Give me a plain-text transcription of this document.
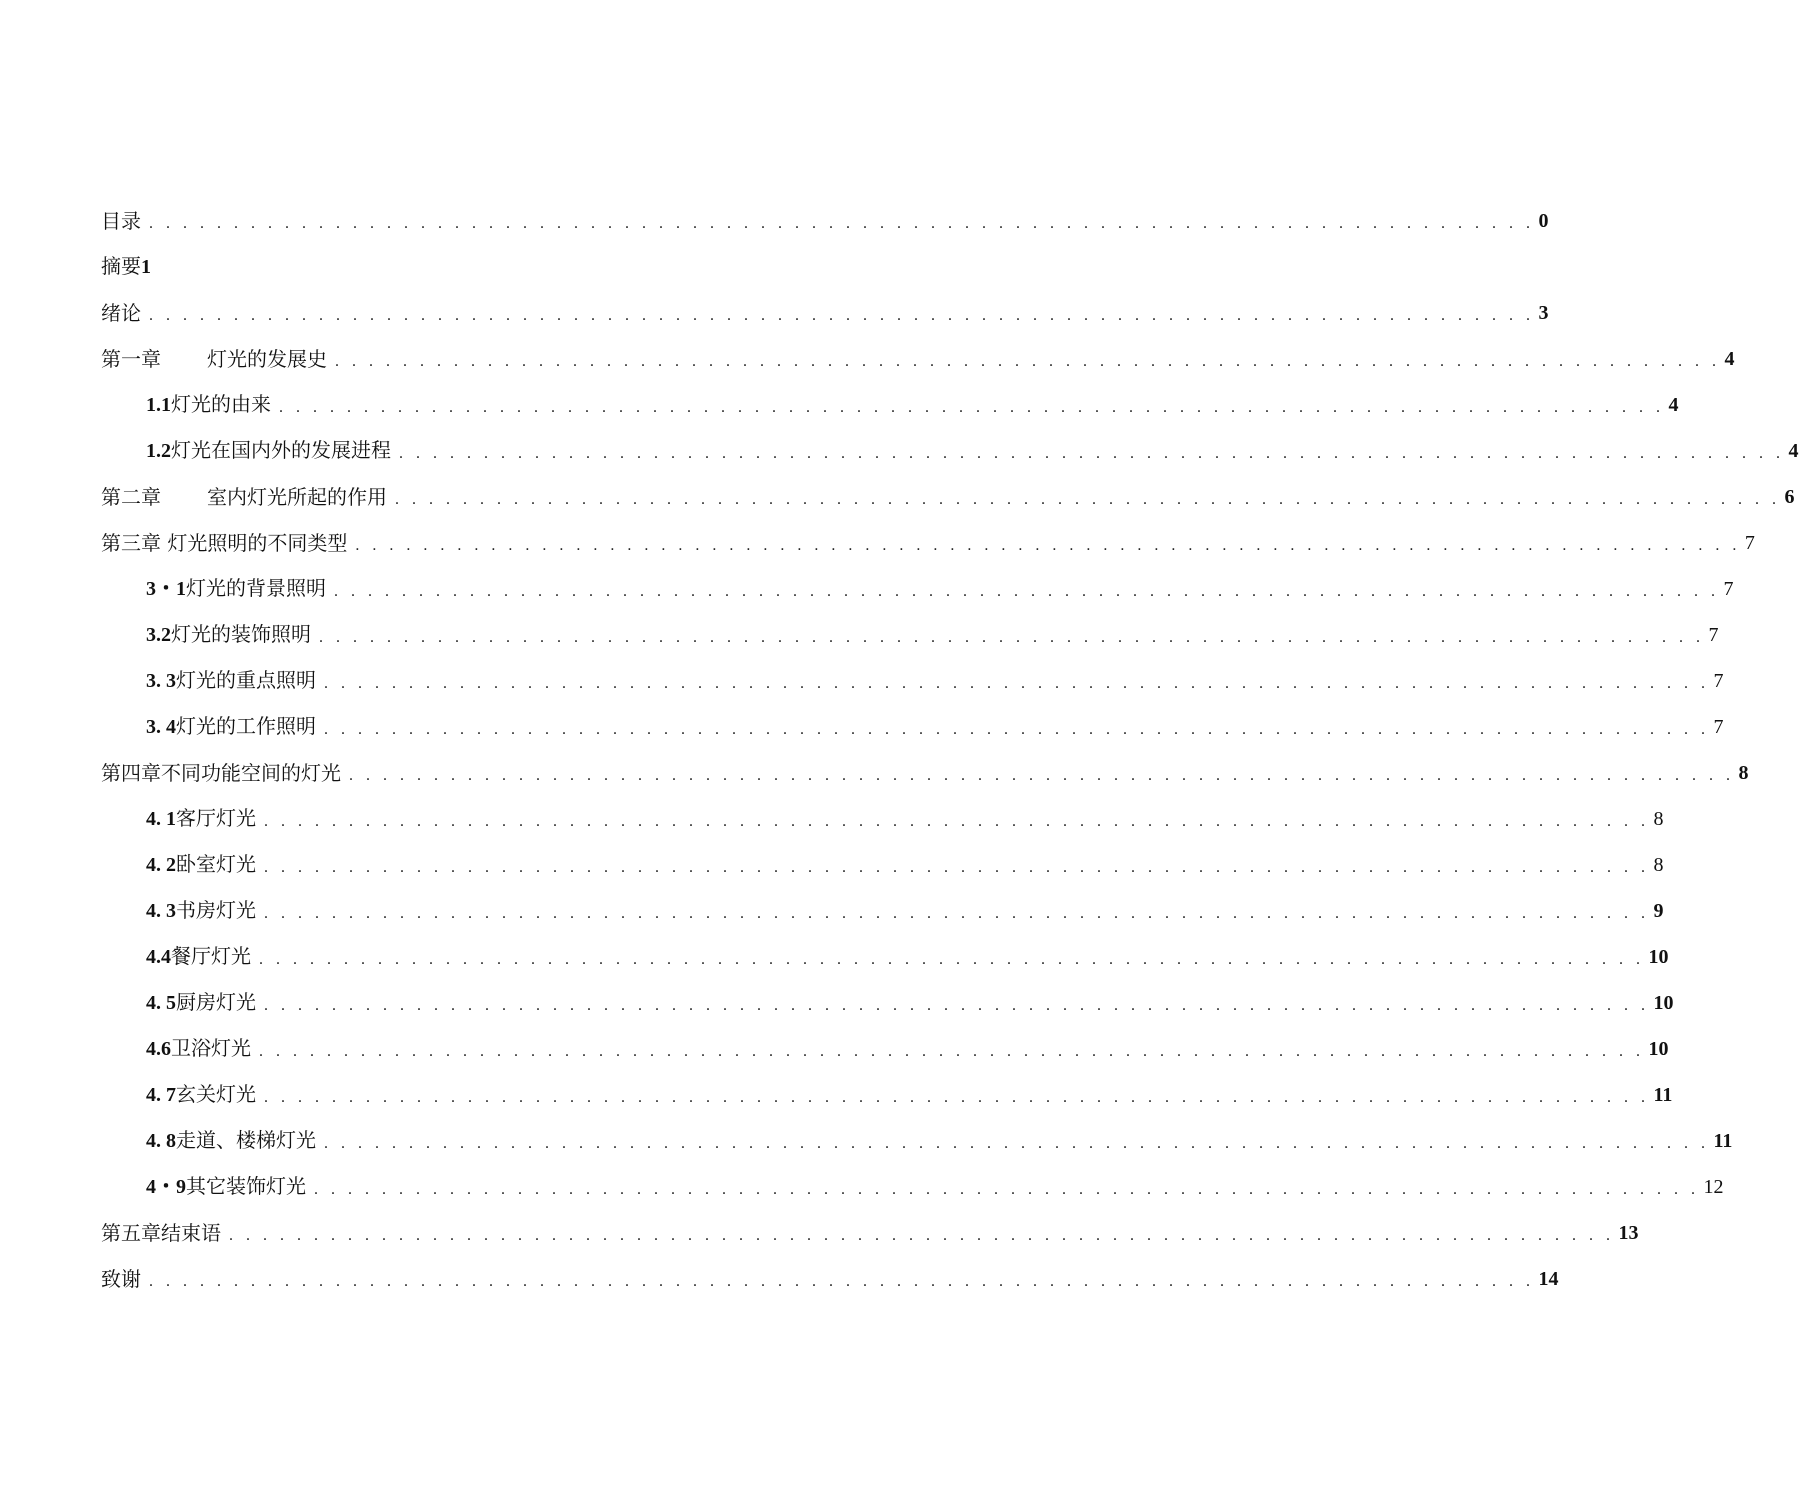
目录 . . . . . . . . . . . . . . . . . . . . . . . . . . . . . . . . . . . . . . . . . . . . . . . . . . . . . . . . . . . . . . . . . . . . . . . . . . . . . . . . . . 0
摘要1
绪论 . . . . . . . . . . . . . . . . . . . . . . . . . . . . . . . . . . . . . . . . . . . . . . . . . . . . . . . . . . . . . . . . . . . . . . . . . . . . . . . . . . 3
第一章 灯光的发展史 . . . . . . . . . . . . . . . . . . . . . . . . . . . . . . . . . . . . . . . . . . . . . . . . . . . . . . . . . . . . . . . . . . . . . . . . . . . . . . . . . . 4
1.1灯光的由来 . . . . . . . . . . . . . . . . . . . . . . . . . . . . . . . . . . . . . . . . . . . . . . . . . . . . . . . . . . . . . . . . . . . . . . . . . . . . . . . . . . 4
1.2灯光在国内外的发展进程 . . . . . . . . . . . . . . . . . . . . . . . . . . . . . . . . . . . . . . . . . . . . . . . . . . . . . . . . . . . . . . . . . . . . . . . . . . . . . . . . . . 4
第二章 室内灯光所起的作用 . . . . . . . . . . . . . . . . . . . . . . . . . . . . . . . . . . . . . . . . . . . . . . . . . . . . . . . . . . . . . . . . . . . . . . . . . . . . . . . . . . 6
第三章 灯光照明的不同类型 . . . . . . . . . . . . . . . . . . . . . . . . . . . . . . . . . . . . . . . . . . . . . . . . . . . . . . . . . . . . . . . . . . . . . . . . . . . . . . . . . . 7
3・1灯光的背景照明 . . . . . . . . . . . . . . . . . . . . . . . . . . . . . . . . . . . . . . . . . . . . . . . . . . . . . . . . . . . . . . . . . . . . . . . . . . . . . . . . . . 7
3.2灯光的装饰照明 . . . . . . . . . . . . . . . . . . . . . . . . . . . . . . . . . . . . . . . . . . . . . . . . . . . . . . . . . . . . . . . . . . . . . . . . . . . . . . . . . . 7
3. 3灯光的重点照明 . . . . . . . . . . . . . . . . . . . . . . . . . . . . . . . . . . . . . . . . . . . . . . . . . . . . . . . . . . . . . . . . . . . . . . . . . . . . . . . . . . 7
3. 4灯光的工作照明 . . . . . . . . . . . . . . . . . . . . . . . . . . . . . . . . . . . . . . . . . . . . . . . . . . . . . . . . . . . . . . . . . . . . . . . . . . . . . . . . . . 7
第四章不同功能空间的灯光 . . . . . . . . . . . . . . . . . . . . . . . . . . . . . . . . . . . . . . . . . . . . . . . . . . . . . . . . . . . . . . . . . . . . . . . . . . . . . . . . . . 8
4. 1客厅灯光 . . . . . . . . . . . . . . . . . . . . . . . . . . . . . . . . . . . . . . . . . . . . . . . . . . . . . . . . . . . . . . . . . . . . . . . . . . . . . . . . . . 8
4. 2卧室灯光 . . . . . . . . . . . . . . . . . . . . . . . . . . . . . . . . . . . . . . . . . . . . . . . . . . . . . . . . . . . . . . . . . . . . . . . . . . . . . . . . . . 8
4. 3书房灯光 . . . . . . . . . . . . . . . . . . . . . . . . . . . . . . . . . . . . . . . . . . . . . . . . . . . . . . . . . . . . . . . . . . . . . . . . . . . . . . . . . . 9
4.4餐厅灯光 . . . . . . . . . . . . . . . . . . . . . . . . . . . . . . . . . . . . . . . . . . . . . . . . . . . . . . . . . . . . . . . . . . . . . . . . . . . . . . . . . . 10
4. 5厨房灯光 . . . . . . . . . . . . . . . . . . . . . . . . . . . . . . . . . . . . . . . . . . . . . . . . . . . . . . . . . . . . . . . . . . . . . . . . . . . . . . . . . . 10
4.6卫浴灯光 . . . . . . . . . . . . . . . . . . . . . . . . . . . . . . . . . . . . . . . . . . . . . . . . . . . . . . . . . . . . . . . . . . . . . . . . . . . . . . . . . . 10
4. 7玄关灯光 . . . . . . . . . . . . . . . . . . . . . . . . . . . . . . . . . . . . . . . . . . . . . . . . . . . . . . . . . . . . . . . . . . . . . . . . . . . . . . . . . . 11
4. 8走道、楼梯灯光 . . . . . . . . . . . . . . . . . . . . . . . . . . . . . . . . . . . . . . . . . . . . . . . . . . . . . . . . . . . . . . . . . . . . . . . . . . . . . . . . . . 11
4・9其它装饰灯光 . . . . . . . . . . . . . . . . . . . . . . . . . . . . . . . . . . . . . . . . . . . . . . . . . . . . . . . . . . . . . . . . . . . . . . . . . . . . . . . . . . 12
第五章结束语 . . . . . . . . . . . . . . . . . . . . . . . . . . . . . . . . . . . . . . . . . . . . . . . . . . . . . . . . . . . . . . . . . . . . . . . . . . . . . . . . . . 13
致谢 . . . . . . . . . . . . . . . . . . . . . . . . . . . . . . . . . . . . . . . . . . . . . . . . . . . . . . . . . . . . . . . . . . . . . . . . . . . . . . . . . . 14
